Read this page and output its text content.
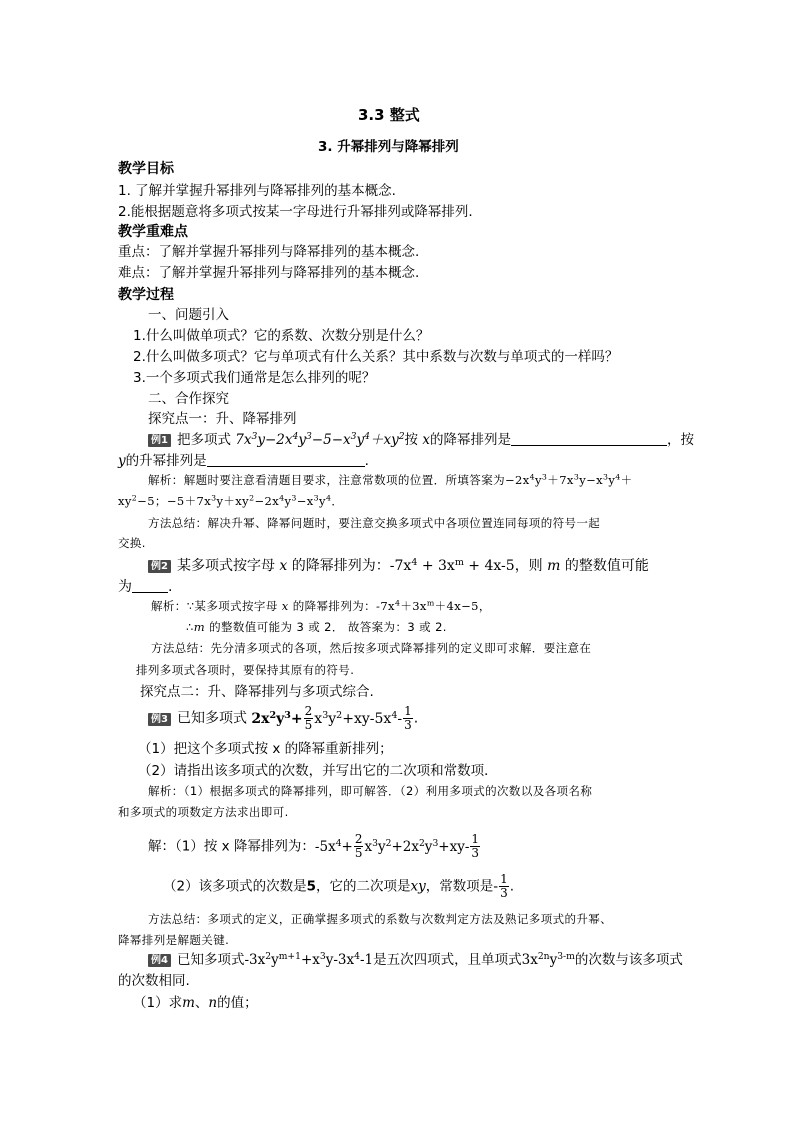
3.3 整式
3. 升幂排列与降幂排列
教学目标
1. 了解并掌握升幂排列与降幂排列的基本概念.
2.能根据题意将多项式按某一字母进行升幂排列或降幂排列.
教学重难点
重点：了解并掌握升幂排列与降幂排列的基本概念.
难点：了解并掌握升幂排列与降幂排列的基本概念.
教学过程
一、问题引入
1.什么叫做单项式？它的系数、次数分别是什么？
2.什么叫做多项式？它与单项式有什么关系？其中系数与次数与单项式的一样吗？
3.一个多项式我们通常是怎么排列的呢？
二、合作探究
探究点一：升、降幂排列
例1 把多项式 $7x^3y-2x^4y^3-5-x^3y^4+xy^2$按 x的降幂排列是	，按
y的升幂排列是	.
解析：解题时要注意看清题目要求，注意常数项的位置．所填答案为$-2x^4y^3+7x^3y-x^3y^4+$
$xy^2-5$；$-5+7x^3y+xy^2-2x^4y^3-x^3y^4$．
方法总结：解决升幂、降幂问题时，要注意交换多项式中各项位置连同每项的符号一起
交换.
例2 某多项式按字母 x 的降幂排列为：$-7x^4 + 3x^m + 4x-5$，则 m 的整数值可能
为	.
解析：∵某多项式按字母 x 的降幂排列为：$-7x^4+3x^m+4x-5$，
∴m 的整数值可能为 3 或 2． 故答案为：3 或 2.
方法总结：先分清多项式的各项，然后按多项式降幂排列的定义即可求解．要注意在
排列多项式各项时，要保持其原有的符号.
探究点二：升、降幂排列与多项式综合.
例3 已知多项式 $2x^2y^3+ \frac{2}{5} x^3y^2+xy-5x^4- \frac{1}{3}$ .
（1）把这个多项式按 x 的降幂重新排列；
（2）请指出该多项式的次数，并写出它的二次项和常数项．
解析：（1）根据多项式的降幂排列，即可解答．（2）利用多项式的次数以及各项名称
和多项式的项数定方法求出即可.
解：（1）按 x 降幂排列为：$-5x^4+ \frac{2}{5} x^3y^2+2x^2y^3+xy- \frac{1}{3}$
（2）该多项式的次数是5，它的二次项是xy，常数项是- $\frac{1}{3}$ .
方法总结：多项式的定义，正确掌握多项式的系数与次数判定方法及熟记多项式的升幂、
降幂排列是解题关键.
例4 已知多项式$-3x^2y^{m+1}+x^3y-3x^4-1$是五次四项式，且单项式$3x^{2n}y^{3-m}$的次数与该多项式
的次数相同.
（1）求m、n的值；
